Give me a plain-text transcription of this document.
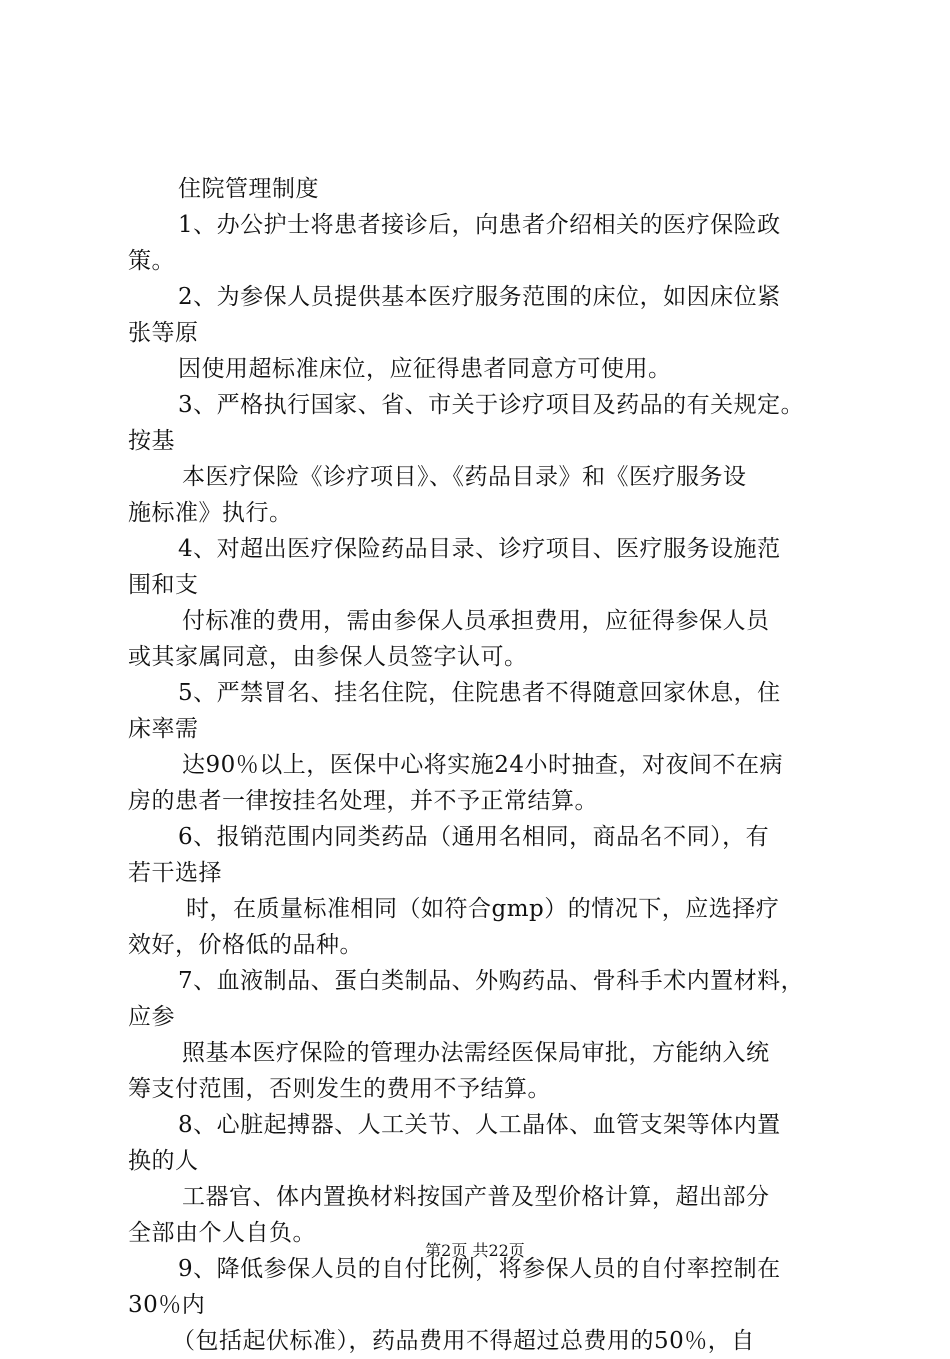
住院管理制度
1、办公护士将患者接诊后，向患者介绍相关的医疗保险政
策。
2、为参保人员提供基本医疗服务范围的床位，如因床位紧
张等原
因使用超标准床位，应征得患者同意方可使用。
3、严格执行国家、省、市关于诊疗项目及药品的有关规定。
按基
本医疗保险《诊疗项目》、《药品目录》和《医疗服务设
施标准》执行。
4、对超出医疗保险药品目录、诊疗项目、医疗服务设施范
围和支
付标准的费用，需由参保人员承担费用，应征得参保人员
或其家属同意，由参保人员签字认可。
5、严禁冒名、挂名住院，住院患者不得随意回家休息，住
床率需
达90％以上，医保中心将实施24小时抽查，对夜间不在病
房的患者一律按挂名处理，并不予正常结算。
6、报销范围内同类药品（通用名相同，商品名不同），有
若干选择
时，在质量标准相同（如符合gmp）的情况下，应选择疗
效好，价格低的品种。
7、血液制品、蛋白类制品、外购药品、骨科手术内置材料，
应参
照基本医疗保险的管理办法需经医保局审批，方能纳入统
筹支付范围，否则发生的费用不予结算。
8、心脏起搏器、人工关节、人工晶体、血管支架等体内置
换的人
工器官、体内置换材料按国产普及型价格计算，超出部分
全部由个人自负。
9、降低参保人员的自付比例，将参保人员的自付率控制在
30％内
（包括起伏标准），药品费用不得超过总费用的50％，自
第2页 共22页
